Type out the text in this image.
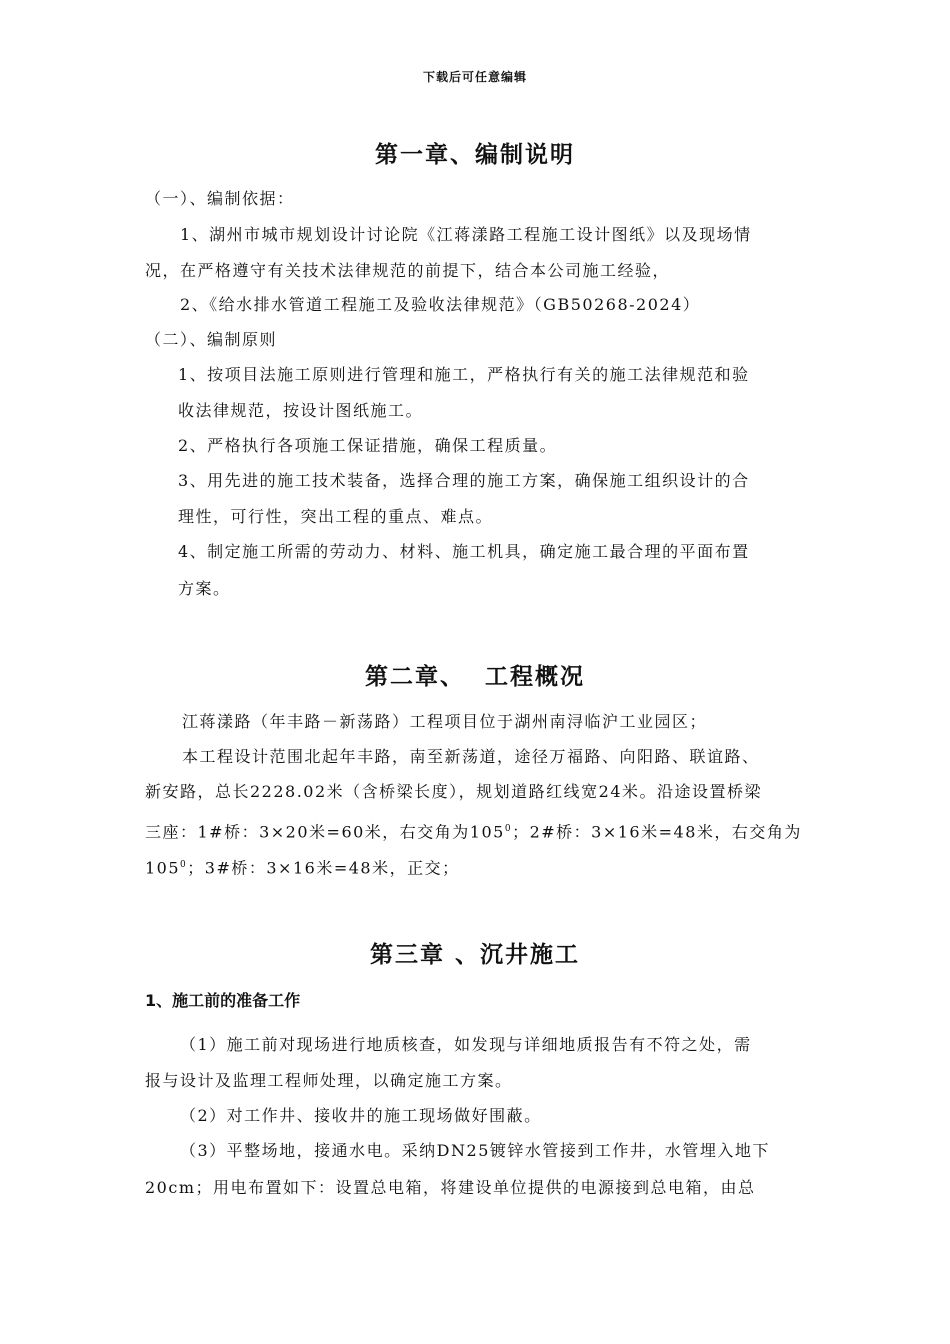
下载后可任意编辑
第一章、编制说明
（一）、编制依据：
1、湖州市城市规划设计讨论院《江蒋漾路工程施工设计图纸》以及现场情
况，在严格遵守有关技术法律规范的前提下，结合本公司施工经验，
2、《给水排水管道工程施工及验收法律规范》（GB50268-2024）
（二）、编制原则
1、按项目法施工原则进行管理和施工，严格执行有关的施工法律规范和验
收法律规范，按设计图纸施工。
2、严格执行各项施工保证措施，确保工程质量。
3、用先进的施工技术装备，选择合理的施工方案，确保施工组织设计的合
理性，可行性，突出工程的重点、难点。
4、制定施工所需的劳动力、材料、施工机具，确定施工最合理的平面布置
方案。
第二章、  工程概况
江蒋漾路（年丰路－新荡路）工程项目位于湖州南浔临沪工业园区；
本工程设计范围北起年丰路，南至新荡道，途径万福路、向阳路、联谊路、
新安路，总长2228.02米（含桥梁长度），规划道路红线宽24米。沿途设置桥梁
三座：1#桥：3×20米=60米，右交角为$105^0$；2#桥：3×16米=48米，右交角为
$105^0$；3#桥：3×16米=48米，正交；
第三章 、沉井施工
1、施工前的准备工作
（1）施工前对现场进行地质核查，如发现与详细地质报告有不符之处，需
报与设计及监理工程师处理，以确定施工方案。
（2）对工作井、接收井的施工现场做好围蔽。
（3）平整场地，接通水电。采纳DN25镀锌水管接到工作井，水管埋入地下
20cm；用电布置如下：设置总电箱，将建设单位提供的电源接到总电箱，由总
